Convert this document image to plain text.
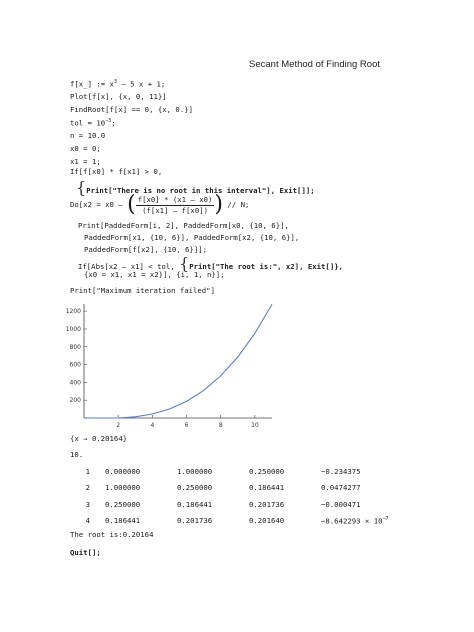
Secant Method of Finding Root
f[x_] := $x^3 - 5$ x + 1;
Plot[f[x], {x, 0, 11}]
FindRoot[f[x] == 0, {x, 0.}]
tol = $10^{-3}$;
n = 10.0
x0 = 0;
x1 = 1;
If[f[x0] * f[x1] > 0,
{Print["There is no root in this interval"], Exit[]];
Do[x2 = x0 – ( $\frac{f[x0] * (x1 - x0)}{(f[x1] - f[x0])}$ ) // N;
Print[PaddedForm[i, 2], PaddedForm[x0, {10, 6}],
PaddedForm[x1, {10, 6}], PaddedForm[x2, {10, 6}],
PaddedForm[f[x2], {10, 6}]];
If[Abs[x2 – x1] < tol, {Print["The root is:", x2], Exit[]},
{x0 = x1, x1 = x2}], {i, 1, n}];
Print["Maximum iteration failed"]
2	4	6	8	10
200
400
600
800
1000
1200
{x → 0.20164}
10.
1	0.000000	1.000000	0.250000	−0.234375
2	1.000000	0.250000	0.186441	0.0474277
3	0.250000	0.186441	0.201736	−0.000471
4	0.186441	0.201736	0.201640	$-8.642293 \times 10^{-7}$
The root is:0.20164
Quit[];
